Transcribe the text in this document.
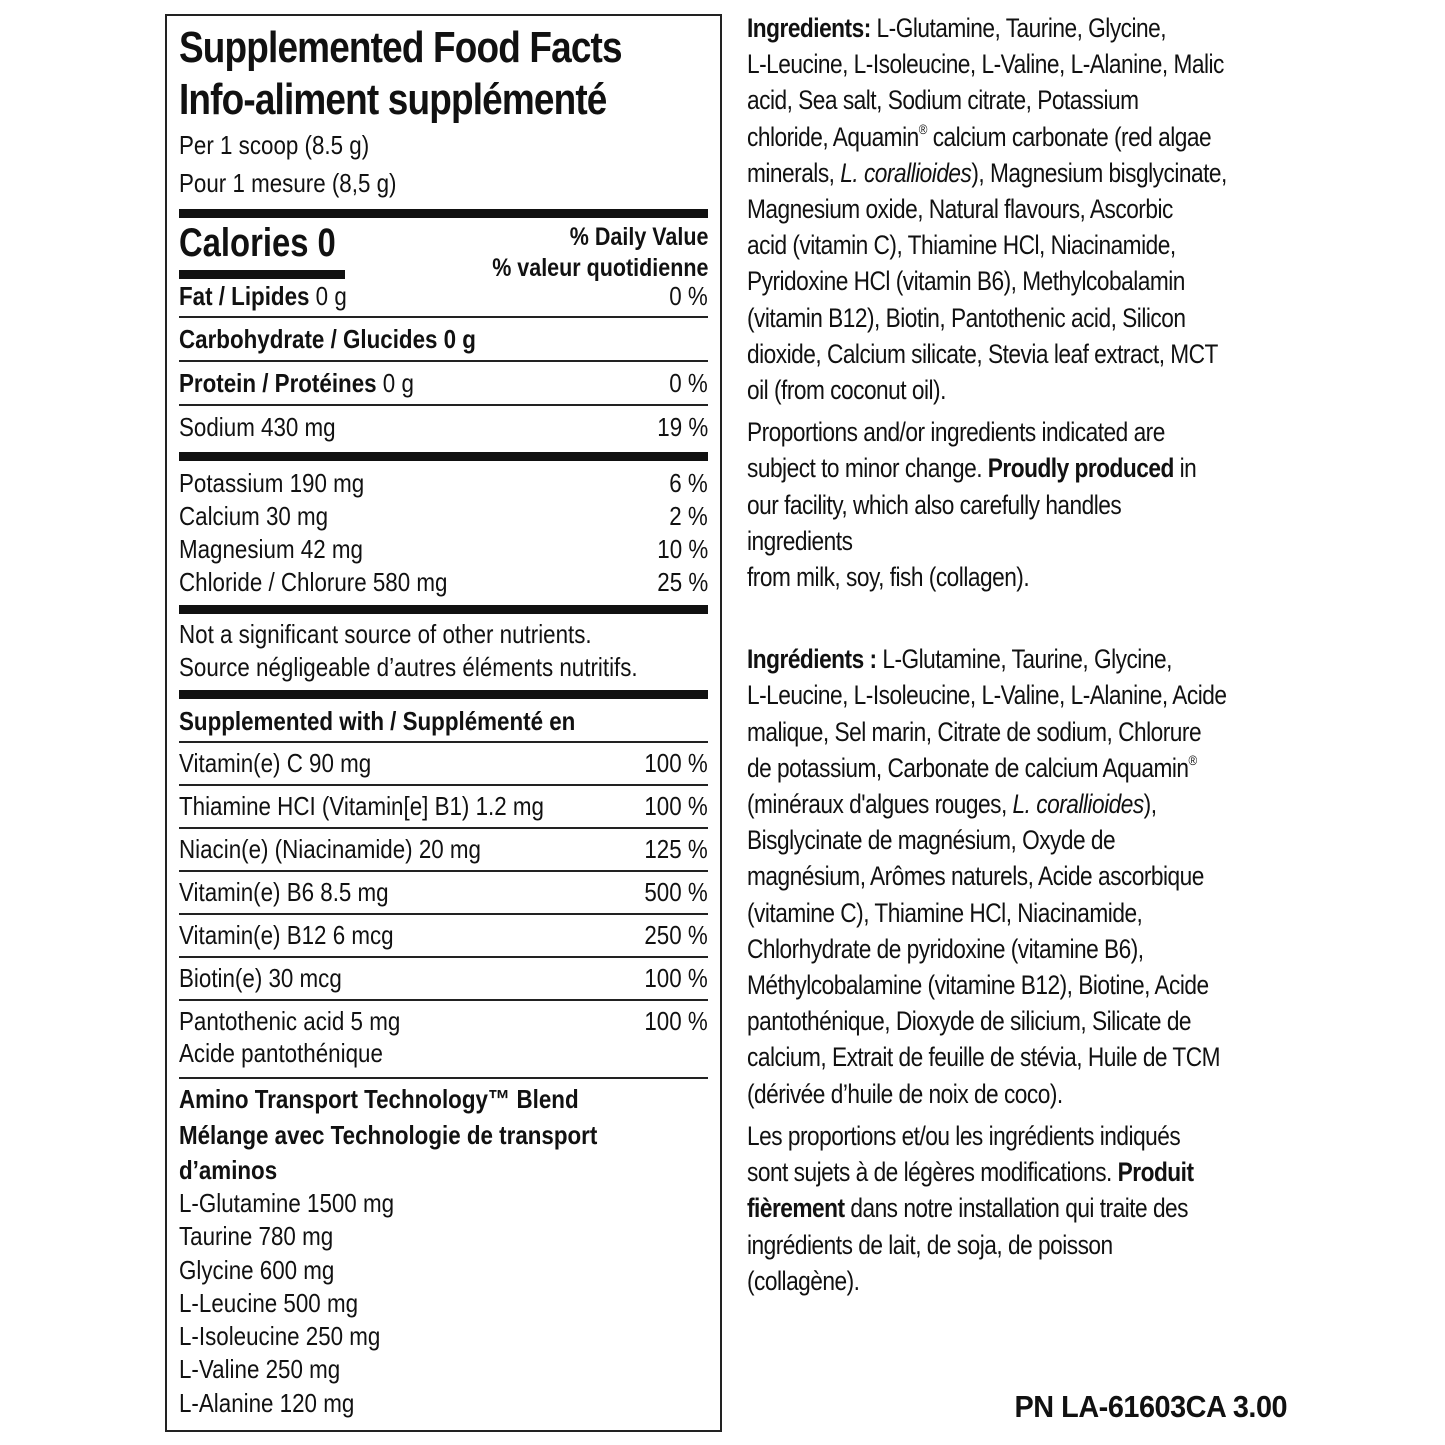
Supplemented Food Facts
Info-aliment supplémenté
Per 1 scoop (8.5 g)
Pour 1 mesure (8,5 g)
Calories 0	% Daily Value
% valeur quotidienne
Fat / Lipides 0 g	0 %
Carbohydrate / Glucides 0 g
Protein / Protéines 0 g	0 %
Sodium 430 mg	19 %
Potassium 190 mg	6 %
Calcium 30 mg	2 %
Magnesium 42 mg	10 %
Chloride / Chlorure 580 mg	25 %
Not a significant source of other nutrients.
Source négligeable d’autres éléments nutritifs.
Supplemented with / Supplémenté en
Vitamin(e) C 90 mg	100 %
Thiamine HCI (Vitamin[e] B1) 1.2 mg	100 %
Niacin(e) (Niacinamide) 20 mg	125 %
Vitamin(e) B6 8.5 mg	500 %
Vitamin(e) B12 6 mcg	250 %
Biotin(e) 30 mcg	100 %
Pantothenic acid 5 mg	100 %
Acide pantothénique
Amino Transport Technology™ Blend
Mélange avec Technologie de transport
d’aminos
L-Glutamine 1500 mg
Taurine 780 mg
Glycine 600 mg
L-Leucine 500 mg
L-Isoleucine 250 mg
L-Valine 250 mg
L-Alanine 120 mg
Ingredients: L-Glutamine, Taurine, Glycine,
L-Leucine, L-Isoleucine, L-Valine, L-Alanine, Malic
acid, Sea salt, Sodium citrate, Potassium
chloride, Aquamin® calcium carbonate (red algae
minerals, L. corallioides), Magnesium bisglycinate,
Magnesium oxide, Natural flavours, Ascorbic
acid (vitamin C), Thiamine HCl, Niacinamide,
Pyridoxine HCl (vitamin B6), Methylcobalamin
(vitamin B12), Biotin, Pantothenic acid, Silicon
dioxide, Calcium silicate, Stevia leaf extract, MCT
oil (from coconut oil).
Proportions and/or ingredients indicated are
subject to minor change. Proudly produced in
our facility, which also carefully handles
ingredients
from milk, soy, fish (collagen).
Ingrédients : L-Glutamine, Taurine, Glycine,
L-Leucine, L-Isoleucine, L-Valine, L-Alanine, Acide
malique, Sel marin, Citrate de sodium, Chlorure
de potassium, Carbonate de calcium Aquamin®
(minéraux d'algues rouges, L. corallioides),
Bisglycinate de magnésium, Oxyde de
magnésium, Arômes naturels, Acide ascorbique
(vitamine C), Thiamine HCl, Niacinamide,
Chlorhydrate de pyridoxine (vitamine B6),
Méthylcobalamine (vitamine B12), Biotine, Acide
pantothénique, Dioxyde de silicium, Silicate de
calcium, Extrait de feuille de stévia, Huile de TCM
(dérivée d’huile de noix de coco).
Les proportions et/ou les ingrédients indiqués
sont sujets à de légères modifications. Produit
fièrement dans notre installation qui traite des
ingrédients de lait, de soja, de poisson
(collagène).
PN LA-61603CA 3.00
